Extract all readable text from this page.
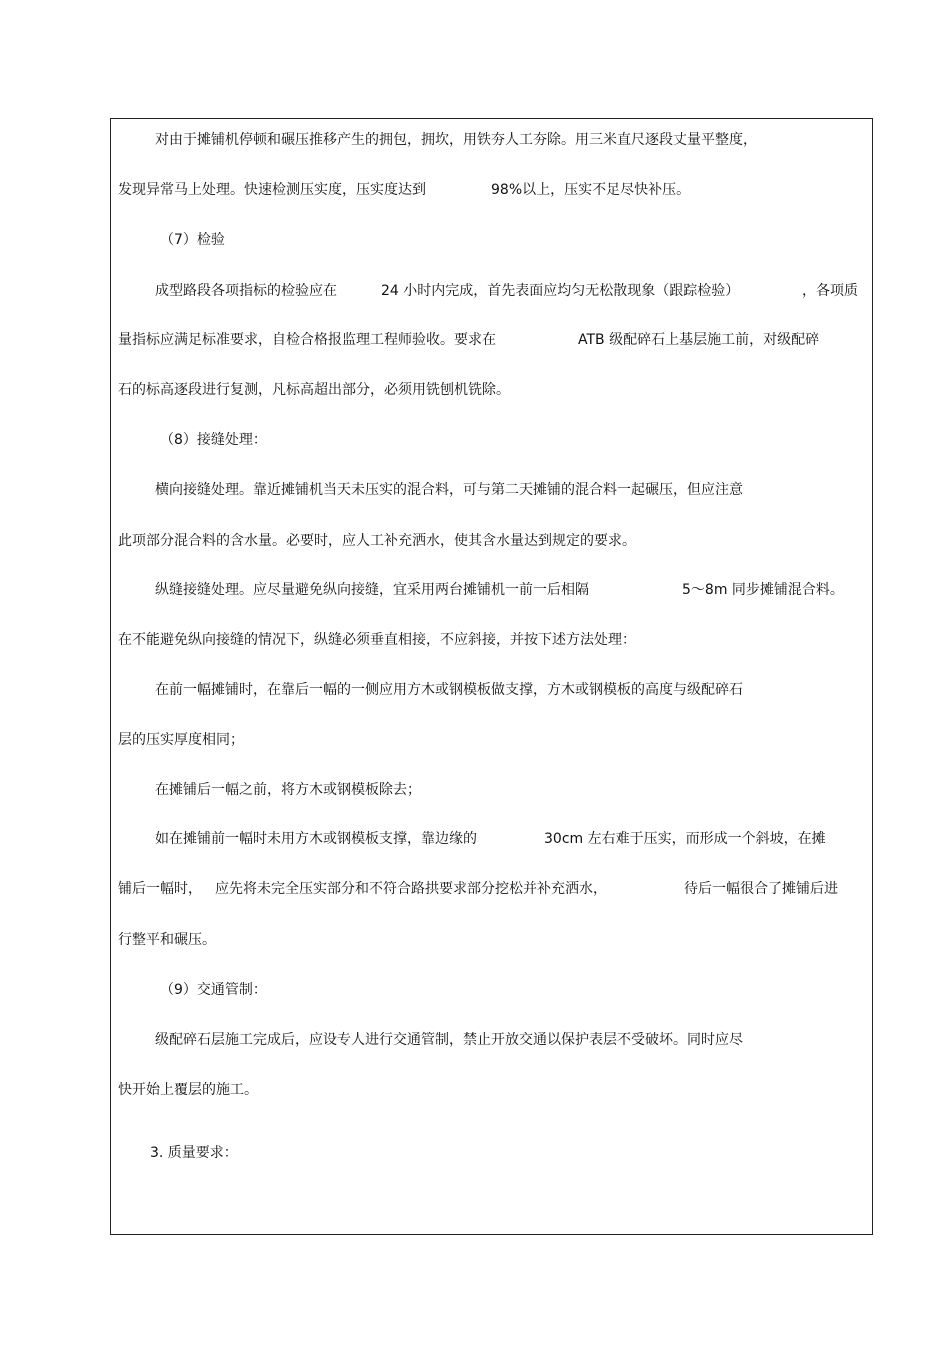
对由于摊铺机停顿和碾压推移产生的拥包，拥坎，用铁夯人工夯除。用三米直尺逐段丈量平整度，
发现异常马上处理。快速检测压实度，压实度达到	98%以上，压实不足尽快补压。
（7）检验
成型路段各项指标的检验应在	24 小时内完成，首先表面应均匀无松散现象（跟踪检验）	，各项质
量指标应满足标准要求，自检合格报监理工程师验收。要求在	ATB 级配碎石上基层施工前，对级配碎
石的标高逐段进行复测，凡标高超出部分，必须用铣刨机铣除。
（8）接缝处理：
横向接缝处理。靠近摊铺机当天未压实的混合料，可与第二天摊铺的混合料一起碾压，但应注意
此项部分混合料的含水量。必要时，应人工补充洒水，使其含水量达到规定的要求。
纵缝接缝处理。应尽量避免纵向接缝，宜采用两台摊铺机一前一后相隔	5～8m 同步摊铺混合料。
在不能避免纵向接缝的情况下，纵缝必须垂直相接，不应斜接，并按下述方法处理：
在前一幅摊铺时，在靠后一幅的一侧应用方木或钢模板做支撑，方木或钢模板的高度与级配碎石
层的压实厚度相同；
在摊铺后一幅之前，将方木或钢模板除去；
如在摊铺前一幅时未用方木或钢模板支撑，靠边缘的	30cm 左右难于压实，而形成一个斜坡，在摊
铺后一幅时， 应先将未完全压实部分和不符合路拱要求部分挖松并补充洒水，	待后一幅很合了摊铺后进
行整平和碾压。
（9）交通管制：
级配碎石层施工完成后，应设专人进行交通管制，禁止开放交通以保护表层不受破坏。同时应尽
快开始上覆层的施工。
3. 质量要求：
